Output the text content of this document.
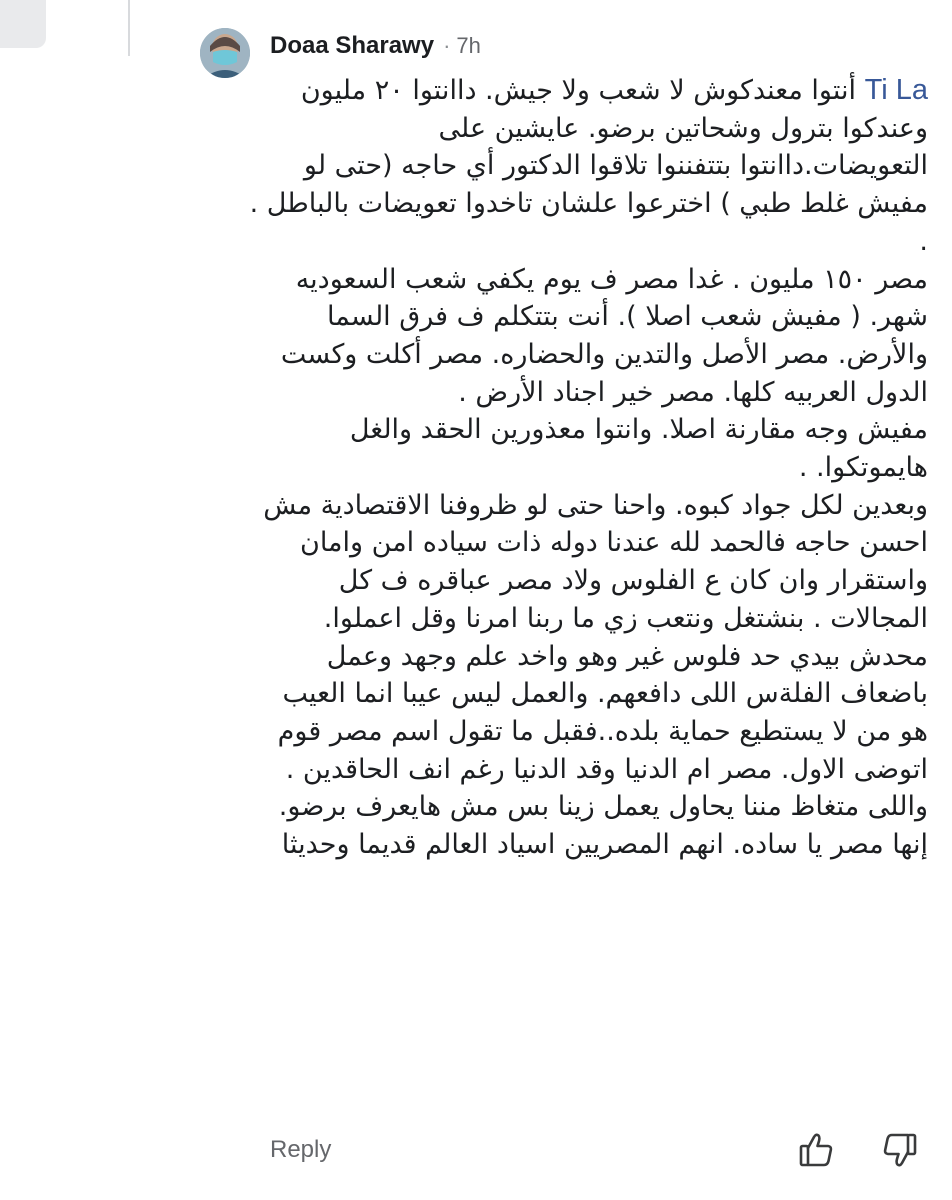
Doaa Sharawy · 7h

Ti La أنتوا معندكوش لا شعب ولا جيش. داانتوا ٢٠ مليون وعندكوا بترول وشحاتين برضو. عايشين على التعويضات.داانتوا بتتفننوا تلاقوا الدكتور أي حاجه (حتى لو مفيش غلط طبي ) اخترعوا علشان تاخدوا تعويضات بالباطل . .

مصر ١٥٠ مليون . غدا مصر ف يوم يكفي شعب السعوديه شهر. ( مفيش شعب اصلا ). أنت بتتكلم ف فرق السما والأرض. مصر الأصل والتدين والحضاره. مصر أكلت وكست الدول العربيه كلها. مصر خير اجناد الأرض .

مفيش وجه مقارنة اصلا. وانتوا معذورين الحقد والغل هايموتكوا. .

وبعدين لكل جواد كبوه. واحنا حتى لو ظروفنا الاقتصادية مش احسن حاجه فالحمد لله عندنا دوله ذات سياده امن وامان واستقرار وان كان ع الفلوس ولاد مصر عباقره ف كل المجالات . بنشتغل ونتعب زي ما ربنا امرنا وقل اعملوا. محدش بيدي حد فلوس غير وهو واخد علم وجهد وعمل باضعاف الفلةس اللى دافعهم. والعمل ليس عيبا انما العيب هو من لا يستطيع حماية بلده..فقبل ما تقول اسم مصر قوم اتوضى الاول. مصر ام الدنيا وقد الدنيا رغم انف الحاقدين . واللى متغاظ مننا يحاول يعمل زينا بس مش هايعرف برضو. إنها مصر يا ساده. انهم المصريين اسياد العالم قديما وحديثا

Reply
